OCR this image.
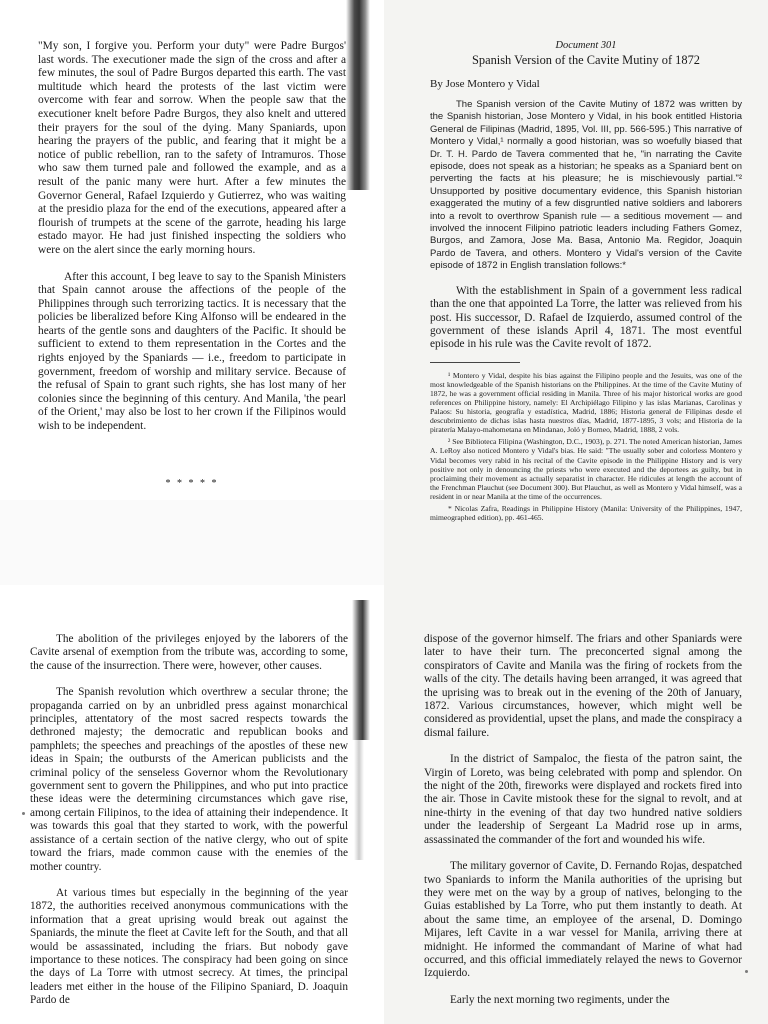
"My son, I forgive you. Perform your duty" were Padre Burgos' last words. The executioner made the sign of the cross and after a few minutes, the soul of Padre Burgos departed this earth. The vast multitude which heard the protests of the last victim were overcome with fear and sorrow. When the people saw that the executioner knelt before Padre Burgos, they also knelt and uttered their prayers for the soul of the dying. Many Spaniards, upon hearing the prayers of the public, and fearing that it might be a notice of public rebellion, ran to the safety of Intramuros. Those who saw them turned pale and followed the example, and as a result of the panic many were hurt. After a few minutes the Governor General, Rafael Izquierdo y Gutierrez, who was waiting at the presidio plaza for the end of the executions, appeared after a flourish of trumpets at the scene of the garrote, heading his large estado mayor. He had just finished inspecting the soldiers who were on the alert since the early morning hours.

After this account, I beg leave to say to the Spanish Ministers that Spain cannot arouse the affections of the people of the Philippines through such terrorizing tactics. It is necessary that the policies be liberalized before King Alfonso will be endeared in the hearts of the gentle sons and daughters of the Pacific. It should be sufficient to extend to them representation in the Cortes and the rights enjoyed by the Spaniards — i.e., freedom to participate in government, freedom of worship and military service. Because of the refusal of Spain to grant such rights, she has lost many of her colonies since the beginning of this century. And Manila, 'the pearl of the Orient,' may also be lost to her crown if the Filipinos would wish to be independent.

* * * * *

Document 301

Spanish Version of the Cavite Mutiny of 1872

By Jose Montero y Vidal

The Spanish version of the Cavite Mutiny of 1872 was written by the Spanish historian, Jose Montero y Vidal, in his book entitled Historia General de Filipinas (Madrid, 1895, Vol. III, pp. 566-595.) This narrative of Montero y Vidal,¹ normally a good historian, was so woefully biased that Dr. T. H. Pardo de Tavera commented that he, "in narrating the Cavite episode, does not speak as a historian; he speaks as a Spaniard bent on perverting the facts at his pleasure; he is mischievously partial."² Unsupported by positive documentary evidence, this Spanish historian exaggerated the mutiny of a few disgruntled native soldiers and laborers into a revolt to overthrow Spanish rule — a seditious movement — and involved the innocent Filipino patriotic leaders including Fathers Gomez, Burgos, and Zamora, Jose Ma. Basa, Antonio Ma. Regidor, Joaquin Pardo de Tavera, and others. Montero y Vidal's version of the Cavite episode of 1872 in English translation follows:*

With the establishment in Spain of a government less radical than the one that appointed La Torre, the latter was relieved from his post. His successor, D. Rafael de Izquierdo, assumed control of the government of these islands April 4, 1871. The most eventful episode in his rule was the Cavite revolt of 1872.

¹ Montero y Vidal, despite his bias against the Filipino people and the Jesuits, was one of the most knowledgeable of the Spanish historians on the Philippines. At the time of the Cavite Mutiny of 1872, he was a government official residing in Manila. Three of his major historical works are good references on Philippine history, namely: El Archipiélago Filipino y las islas Marianas, Carolinas y Palaos: Su historia, geografía y estadística, Madrid, 1886; Historia general de Filipinas desde el descubrimiento de dichas islas hasta nuestros días, Madrid, 1877-1895, 3 vols; and Historia de la piratería Malayo-mahometana en Mindanao, Joló y Borneo, Madrid, 1888, 2 vols.

² See Biblioteca Filipina (Washington, D.C., 1903), p. 271. The noted American historian, James A. LeRoy also noticed Montero y Vidal's bias. He said: "The usually sober and colorless Montero y Vidal becomes very rabid in his recital of the Cavite episode in the Philippine History and is very positive not only in denouncing the priests who were executed and the deportees as guilty, but in proclaiming their movement as actually separatist in character. He ridicules at length the account of the Frenchman Plauchut (see Document 300). But Plauchut, as well as Montero y Vidal himself, was a resident in or near Manila at the time of the occurrences.

* Nicolas Zafra, Readings in Philippine History (Manila: University of the Philippines, 1947, mimeographed edition), pp. 461-465.

The abolition of the privileges enjoyed by the laborers of the Cavite arsenal of exemption from the tribute was, according to some, the cause of the insurrection. There were, however, other causes.

The Spanish revolution which overthrew a secular throne; the propaganda carried on by an unbridled press against monarchical principles, attentatory of the most sacred respects towards the dethroned majesty; the democratic and republican books and pamphlets; the speeches and preachings of the apostles of these new ideas in Spain; the outbursts of the American publicists and the criminal policy of the senseless Governor whom the Revolutionary government sent to govern the Philippines, and who put into practice these ideas were the determining circumstances which gave rise, among certain Filipinos, to the idea of attaining their independence. It was towards this goal that they started to work, with the powerful assistance of a certain section of the native clergy, who out of spite toward the friars, made common cause with the enemies of the mother country.

At various times but especially in the beginning of the year 1872, the authorities received anonymous communications with the information that a great uprising would break out against the Spaniards, the minute the fleet at Cavite left for the South, and that all would be assassinated, including the friars. But nobody gave importance to these notices. The conspiracy had been going on since the days of La Torre with utmost secrecy. At times, the principal leaders met either in the house of the Filipino Spaniard, D. Joaquin Pardo de

dispose of the governor himself. The friars and other Spaniards were later to have their turn. The preconcerted signal among the conspirators of Cavite and Manila was the firing of rockets from the walls of the city. The details having been arranged, it was agreed that the uprising was to break out in the evening of the 20th of January, 1872. Various circumstances, however, which might well be considered as providential, upset the plans, and made the conspiracy a dismal failure.

In the district of Sampaloc, the fiesta of the patron saint, the Virgin of Loreto, was being celebrated with pomp and splendor. On the night of the 20th, fireworks were displayed and rockets fired into the air. Those in Cavite mistook these for the signal to revolt, and at nine-thirty in the evening of that day two hundred native soldiers under the leadership of Sergeant La Madrid rose up in arms, assassinated the commander of the fort and wounded his wife.

The military governor of Cavite, D. Fernando Rojas, despatched two Spaniards to inform the Manila authorities of the uprising but they were met on the way by a group of natives, belonging to the Guias established by La Torre, who put them instantly to death. At about the same time, an employee of the arsenal, D. Domingo Mijares, left Cavite in a war vessel for Manila, arriving there at midnight. He informed the commandant of Marine of what had occurred, and this official immediately relayed the news to Governor Izquierdo.

Early the next morning two regiments, under the
